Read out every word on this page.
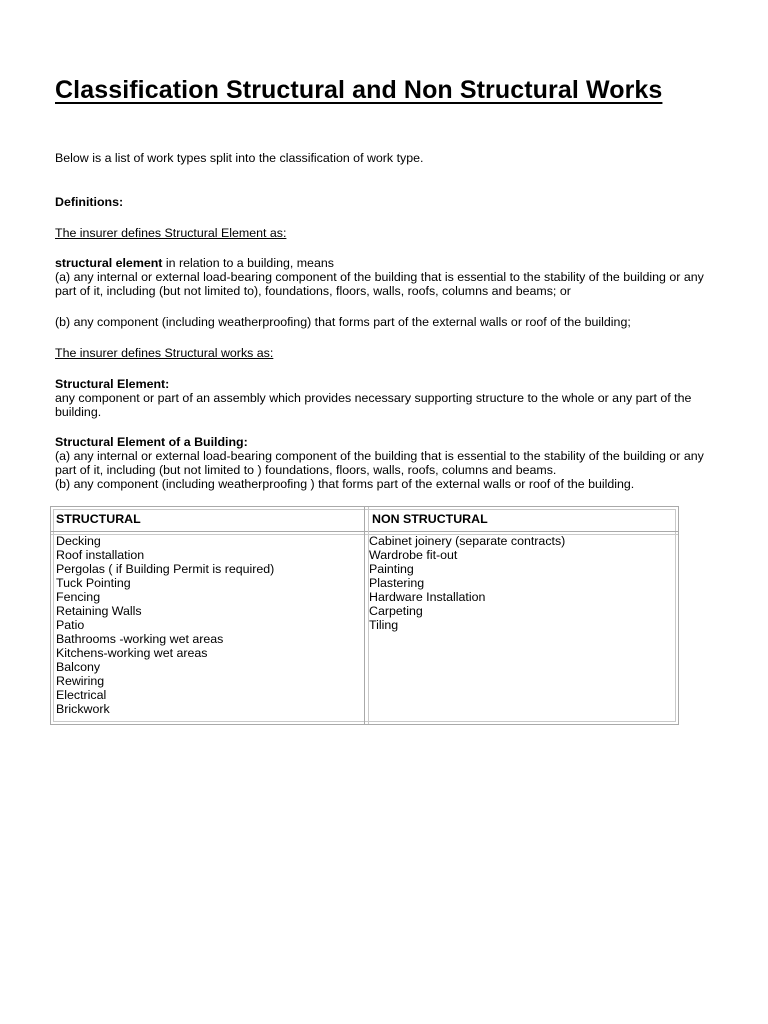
Classification Structural and Non Structural Works

Below is a list of work types split into the classification of work type.

Definitions:

The insurer defines Structural Element as:

structural element in relation to a building, means

(a) any internal or external load-bearing component of the building that is essential to the stability of the building or any part of it, including (but not limited to), foundations, floors, walls, roofs, columns and beams; or

(b) any component (including weatherproofing) that forms part of the external walls or roof of the building;

The insurer defines Structural works as:

Structural Element:

any component or part of an assembly which provides necessary supporting structure to the whole or any part of the building.

Structural Element of a Building:

(a) any internal or external load-bearing component of the building that is essential to the stability of the building or any part of it, including (but not limited to ) foundations, floors, walls, roofs, columns and beams.

(b) any component (including weatherproofing ) that forms part of the external walls or roof of the building.

STRUCTURAL
Decking
Roof installation
Pergolas ( if Building Permit is required)
Tuck Pointing
Fencing
Retaining Walls
Patio
Bathrooms -working wet areas
Kitchens-working wet areas
Balcony
Rewiring
Electrical
Brickwork
NON STRUCTURAL
Cabinet joinery (separate contracts)
Wardrobe fit-out
Painting
Plastering
Hardware Installation
Carpeting
Tiling
